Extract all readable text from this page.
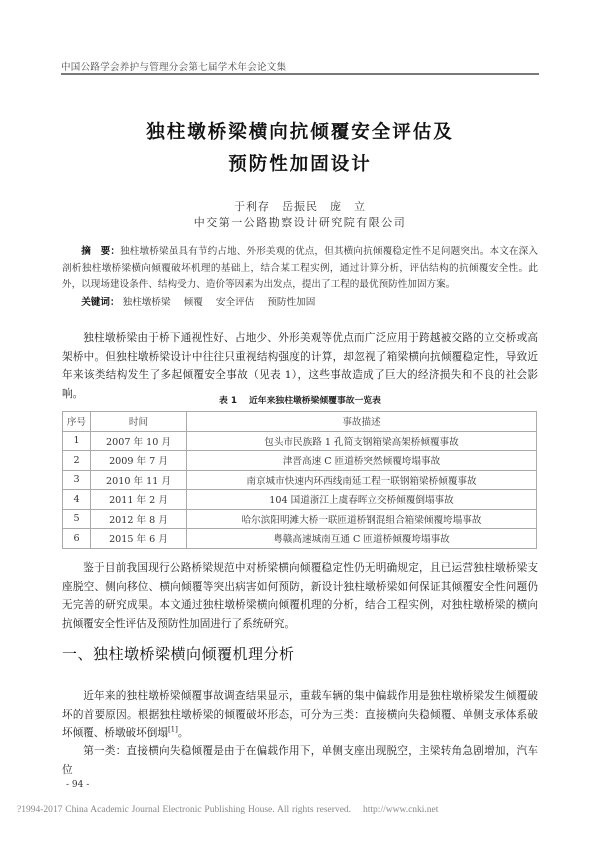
中国公路学会养护与管理分会第七届学术年会论文集
独柱墩桥梁横向抗倾覆安全评估及
预防性加固设计
于利存　岳振民　庞　立
中交第一公路勘察设计研究院有限公司
摘　要：独柱墩桥梁虽具有节约占地、外形美观的优点，但其横向抗倾覆稳定性不足问题突出。本文在深入剖析独柱墩桥梁横向倾覆破坏机理的基础上，结合某工程实例，通过计算分析，评估结构的抗倾覆安全性。此外，以现场建设条件、结构受力、造价等因素为出发点，提出了工程的最优预防性加固方案。
关键词： 独柱墩桥梁 倾覆 安全评估 预防性加固
独柱墩桥梁由于桥下通视性好、占地少、外形美观等优点而广泛应用于跨越被交路的立交桥或高架桥中。但独柱墩桥梁设计中往往只重视结构强度的计算，却忽视了箱梁横向抗倾覆稳定性，导致近年来该类结构发生了多起倾覆安全事故（见表 1），这些事故造成了巨大的经济损失和不良的社会影响。
表 1 近年来独柱墩桥梁倾覆事故一览表
序号	时间	事故描述
1	2007 年 10 月	包头市民族路 1 孔简支钢箱梁高架桥倾覆事故
2	2009 年 7 月	津晋高速 C 匝道桥突然倾覆垮塌事故
3	2010 年 11 月	南京城市快速内环西线南延工程一联钢箱梁桥倾覆事故
4	2011 年 2 月	104 国道浙江上虞春晖立交桥倾覆倒塌事故
5	2012 年 8 月	哈尔滨阳明滩大桥一联匝道桥钢混组合箱梁倾覆垮塌事故
6	2015 年 6 月	粤赣高速城南互通 C 匝道桥倾覆垮塌事故
鉴于目前我国现行公路桥梁规范中对桥梁横向倾覆稳定性仍无明确规定，且已运营独柱墩桥梁支座脱空、侧向移位、横向倾覆等突出病害如何预防，新设计独柱墩桥梁如何保证其倾覆安全性问题仍无完善的研究成果。本文通过独柱墩桥梁横向倾覆机理的分析，结合工程实例，对独柱墩桥梁的横向抗倾覆安全性评估及预防性加固进行了系统研究。
一、独柱墩桥梁横向倾覆机理分析
近年来的独柱墩桥梁倾覆事故调查结果显示，重载车辆的集中偏载作用是独柱墩桥梁发生倾覆破坏的首要原因。根据独柱墩桥梁的倾覆破坏形态，可分为三类：直接横向失稳倾覆、单侧支承体系破坏倾覆、桥墩破坏倒塌[1]。
第一类：直接横向失稳倾覆是由于在偏载作用下，单侧支座出现脱空，主梁转角急剧增加，汽车位
- 94 -
?1994-2017 China Academic Journal Electronic Publishing House. All rights reserved. http://www.cnki.net
